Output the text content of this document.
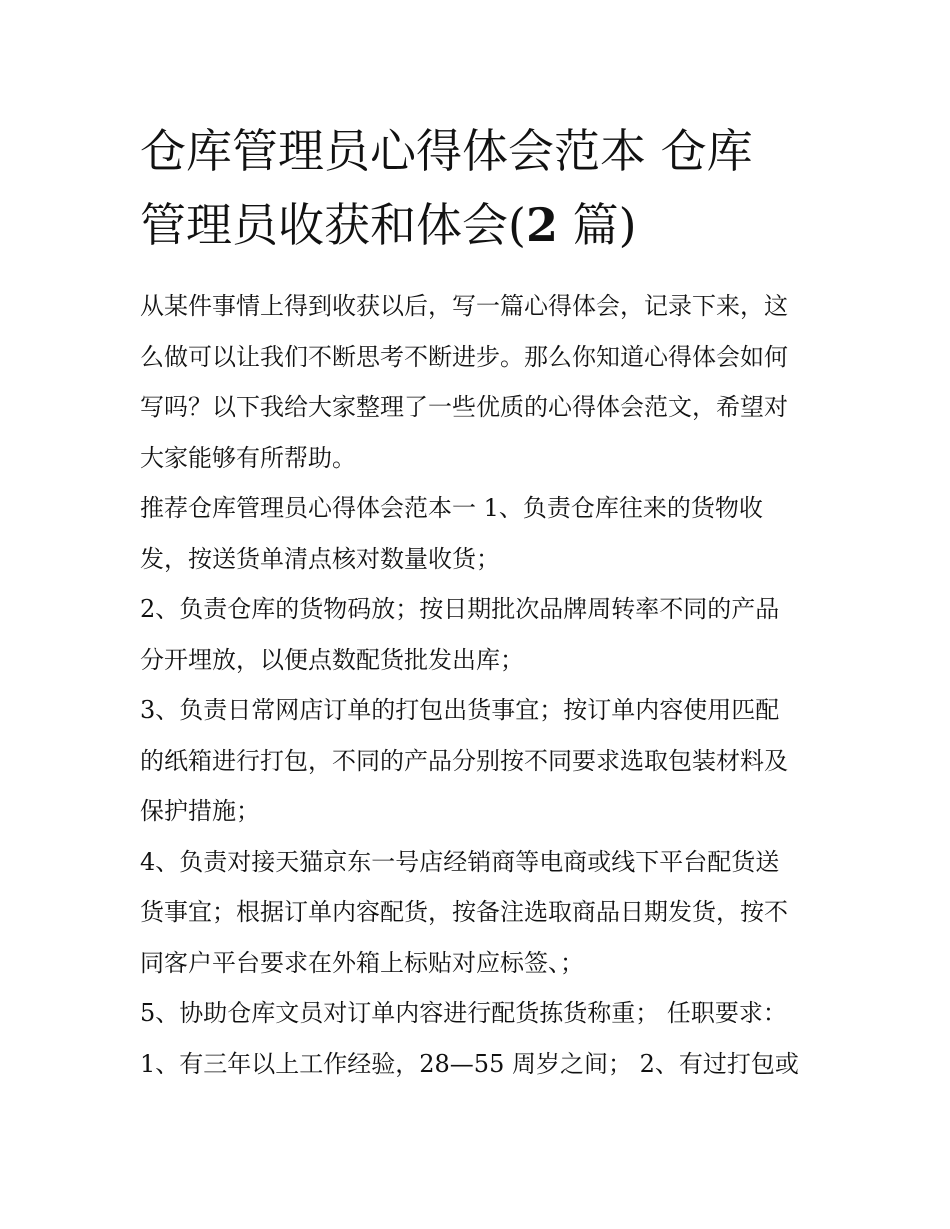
仓库管理员心得体会范本 仓库
管理员收获和体会(2 篇)

从某件事情上得到收获以后，写一篇心得体会，记录下来，这
么做可以让我们不断思考不断进步。那么你知道心得体会如何
写吗？以下我给大家整理了一些优质的心得体会范文，希望对
大家能够有所帮助。

推荐仓库管理员心得体会范本一 1、负责仓库往来的货物收
发，按送货单清点核对数量收货；

2、负责仓库的货物码放；按日期批次品牌周转率不同的产品
分开埋放，以便点数配货批发出库；

3、负责日常网店订单的打包出货事宜；按订单内容使用匹配
的纸箱进行打包，不同的产品分别按不同要求选取包装材料及
保护措施；

4、负责对接天猫京东一号店经销商等电商或线下平台配货送
货事宜；根据订单内容配货，按备注选取商品日期发货，按不
同客户平台要求在外箱上标贴对应标签、；

5、协助仓库文员对订单内容进行配货拣货称重； 任职要求：

1、有三年以上工作经验，28—55 周岁之间； 2、有过打包或
